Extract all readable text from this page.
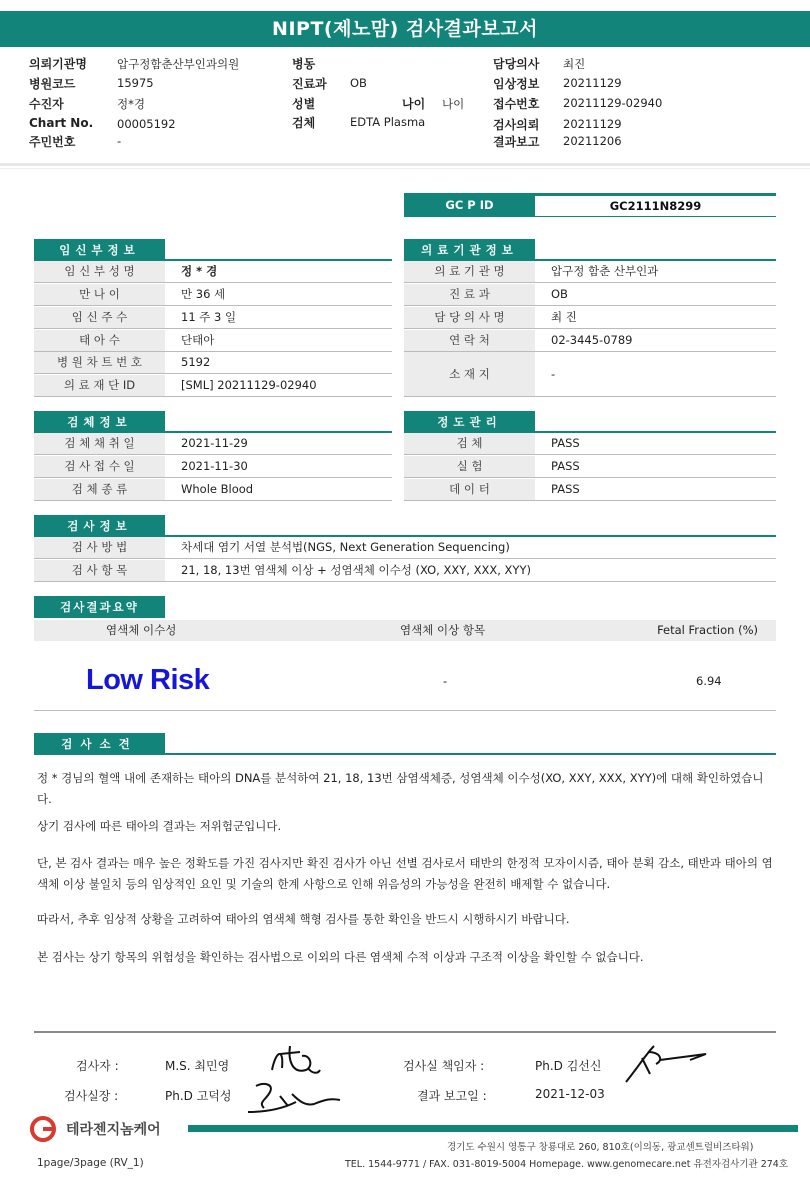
NIPT(제노맘) 검사결과보고서
의뢰기관명	압구정함춘산부인과의원
병원코드	15975
수진자	정*경
Chart No. 00005192
주민번호	-
병동
진료과 OB
성별	나이 나이
검체	EDTA Plasma
담당의사 최진
임상정보 20211129
접수번호 20211129-02940
검사의뢰 20211129
결과보고 20211206
GC P ID	GC2111N8299
임신부정보
임 신 부 성 명	정 * 경
만 나 이	만 36 세
임 신 주 수	11 주 3 일
태 아 수	단태아
병 원 차 트 번 호	5192
의 료 재 단 ID	[SML] 20211129-02940
의료기관정보
의 료 기 관 명	압구정 함춘 산부인과
진 료 과	OB
담 당 의 사 명	최 진
연 락 처	02-3445-0789
소 재 지	-
검체정보
검 체 채 취 일	2021-11-29
검 사 접 수 일	2021-11-30
검 체 종 류	Whole Blood
정도관리
검 체	PASS
실 험	PASS
데 이 터	PASS
검사정보
검 사 방 법	차세대 염기 서열 분석법(NGS, Next Generation Sequencing)
검 사 항 목	21, 18, 13번 염색체 이상 + 성염색체 이수성 (XO, XXY, XXX, XYY)
검사결과요약
염색체 이수성	염색체 이상 항목	Fetal Fraction (%)
Low Risk	-	6.94
검사소견
정 * 경님의 혈액 내에 존재하는 태아의 DNA를 분석하여 21, 18, 13번 삼염색체증, 성염색체 이수성(XO, XXY, XXX, XYY)에 대해 확인하였습니다.
상기 검사에 따른 태아의 결과는 저위험군입니다.
단, 본 검사 결과는 매우 높은 정확도를 가진 검사지만 확진 검사가 아닌 선별 검사로서 태반의 한정적 모자이시즘, 태아 분획 감소, 태반과 태아의 염색체 이상 불일치 등의 임상적인 요인 및 기술의 한계 사항으로 인해 위음성의 가능성을 완전히 배제할 수 없습니다.
따라서, 추후 임상적 상황을 고려하여 태아의 염색체 핵형 검사를 통한 확인을 반드시 시행하시기 바랍니다.
본 검사는 상기 항목의 위험성을 확인하는 검사법으로 이외의 다른 염색체 수적 이상과 구조적 이상을 확인할 수 없습니다.
검사자 :	M.S. 최민영	검사실 책임자 :	Ph.D 김선신
검사실장 :	Ph.D 고덕성	결과 보고일 :	2021-12-03
테라젠지놈케어
경기도 수원시 영통구 창룡대로 260, 810호(이의동, 광교센트럴비즈타워)
TEL. 1544-9771 / FAX. 031-8019-5004 Homepage. www.genomecare.net 유전자검사기관 274호
1page/3page (RV_1)
